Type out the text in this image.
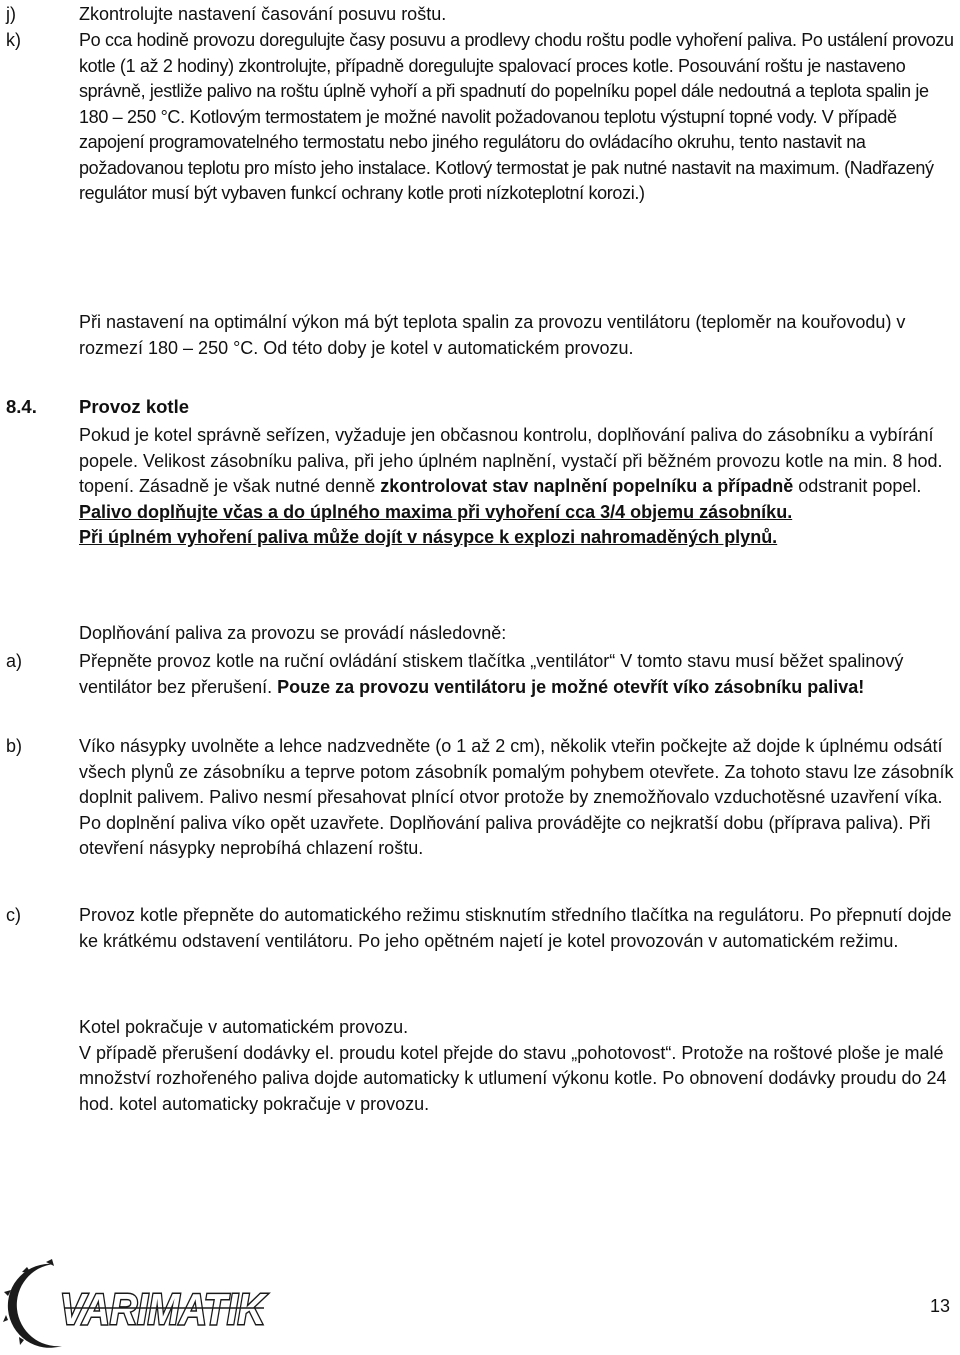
j)	Zkontrolujte nastavení časování posuvu roštu.

k)	Po cca hodině provozu doregulujte časy posuvu a prodlevy chodu roštu podle vyhoření paliva. Po ustálení provozu kotle (1 až 2 hodiny) zkontrolujte, případně doregulujte spalovací proces kotle. Posouvání roštu je nastaveno správně, jestliže palivo na roštu úplně vyhoří a při spadnutí do popelníku popel dále nedoutná a teplota spalin je 180 – 250 °C. Kotlovým termostatem je možné navolit požadovanou teplotu výstupní topné vody. V případě zapojení programovatelného termostatu nebo jiného regulátoru do ovládacího okruhu, tento nastavit na požadovanou teplotu pro místo jeho instalace. Kotlový termostat je pak nutné nastavit na maximum. (Nadřazený regulátor musí být vybaven funkcí ochrany kotle proti nízkoteplotní korozi.)

Při nastavení na optimální výkon má být teplota spalin za provozu ventilátoru (teploměr na kouřovodu) v rozmezí 180 – 250 °C. Od této doby je kotel v automatickém provozu.

8.4. Provoz kotle

Pokud je kotel správně seřízen, vyžaduje jen občasnou kontrolu, doplňování paliva do zásobníku a vybírání popele. Velikost zásobníku paliva, při jeho úplném naplnění, vystačí při běžném provozu kotle na min. 8 hod. topení. Zásadně je však nutné denně zkontrolovat stav naplnění popelníku a případně odstranit popel.

Palivo doplňujte včas a do úplného maxima při vyhoření cca 3/4 objemu zásobníku.

Při úplném vyhoření paliva může dojít v násypce k explozi nahromaděných plynů.

Doplňování paliva za provozu se provádí následovně:

a)	Přepněte provoz kotle na ruční ovládání stiskem tlačítka „ventilátor“ V tomto stavu musí běžet spalinový ventilátor bez přerušení. Pouze za provozu ventilátoru je možné otevřít víko zásobníku paliva!

b)	Víko násypky uvolněte a lehce nadzvedněte (o 1 až 2 cm), několik vteřin počkejte až dojde k úplnému odsátí všech plynů ze zásobníku a teprve potom zásobník pomalým pohybem otevřete. Za tohoto stavu lze zásobník doplnit palivem. Palivo nesmí přesahovat plnící otvor protože by znemožňovalo vzduchotěsné uzavření víka. Po doplnění paliva víko opět uzavřete. Doplňování paliva provádějte co nejkratší dobu (příprava paliva). Při otevření násypky neprobíhá chlazení roštu.

c)	Provoz kotle přepněte do automatického režimu stisknutím středního tlačítka na regulátoru. Po přepnutí dojde ke krátkému odstavení ventilátoru. Po jeho opětném najetí je kotel provozován v automatickém režimu.

Kotel pokračuje v automatickém provozu.

V případě přerušení dodávky el. proudu kotel přejde do stavu „pohotovost“. Protože na roštové ploše je malé množství rozhořeného paliva dojde automaticky k utlumení výkonu kotle. Po obnovení dodávky proudu do 24 hod. kotel automaticky pokračuje v provozu.

VARIMATIK	13
